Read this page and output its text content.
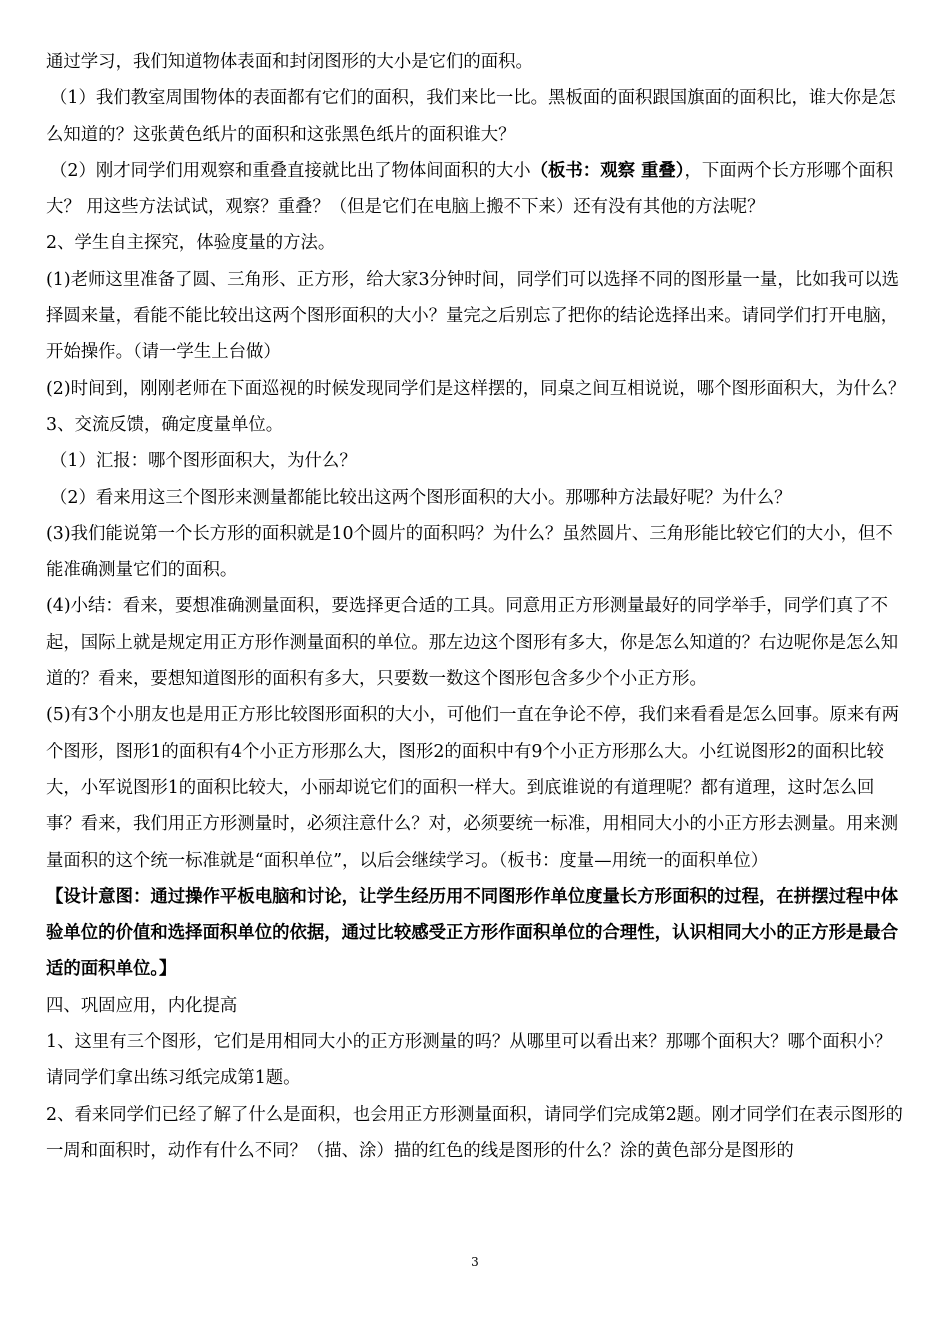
通过学习，我们知道物体表面和封闭图形的大小是它们的面积。

（1）我们教室周围物体的表面都有它们的面积，我们来比一比。黑板面的面积跟国旗面的面积比，谁大你是怎么知道的？这张黄色纸片的面积和这张黑色纸片的面积谁大？

（2）刚才同学们用观察和重叠直接就比出了物体间面积的大小（板书：观察 重叠），下面两个长方形哪个面积大？ 用这些方法试试，观察？重叠？（但是它们在电脑上搬不下来）还有没有其他的方法呢？

2、学生自主探究，体验度量的方法。

(1)老师这里准备了圆、三角形、正方形，给大家3分钟时间，同学们可以选择不同的图形量一量，比如我可以选择圆来量，看能不能比较出这两个图形面积的大小？量完之后别忘了把你的结论选择出来。请同学们打开电脑，开始操作。（请一学生上台做）

(2)时间到，刚刚老师在下面巡视的时候发现同学们是这样摆的，同桌之间互相说说，哪个图形面积大，为什么？

3、交流反馈，确定度量单位。

（1）汇报：哪个图形面积大，为什么？

（2）看来用这三个图形来测量都能比较出这两个图形面积的大小。那哪种方法最好呢？为什么？

(3)我们能说第一个长方形的面积就是10个圆片的面积吗？为什么？虽然圆片、三角形能比较它们的大小，但不能准确测量它们的面积。

(4)小结：看来，要想准确测量面积，要选择更合适的工具。同意用正方形测量最好的同学举手，同学们真了不起，国际上就是规定用正方形作测量面积的单位。那左边这个图形有多大，你是怎么知道的？右边呢你是怎么知道的？看来，要想知道图形的面积有多大，只要数一数这个图形包含多少个小正方形。

(5)有3个小朋友也是用正方形比较图形面积的大小，可他们一直在争论不停，我们来看看是怎么回事。原来有两个图形，图形1的面积有4个小正方形那么大，图形2的面积中有9个小正方形那么大。小红说图形2的面积比较大，小军说图形1的面积比较大，小丽却说它们的面积一样大。到底谁说的有道理呢？都有道理，这时怎么回事？看来，我们用正方形测量时，必须注意什么？对，必须要统一标准，用相同大小的小正方形去测量。用来测量面积的这个统一标准就是“面积单位”，以后会继续学习。（板书：度量—用统一的面积单位）

【设计意图：通过操作平板电脑和讨论，让学生经历用不同图形作单位度量长方形面积的过程，在拼摆过程中体验单位的价值和选择面积单位的依据，通过比较感受正方形作面积单位的合理性，认识相同大小的正方形是最合适的面积单位。】

四、巩固应用，内化提高

1、这里有三个图形，它们是用相同大小的正方形测量的吗？从哪里可以看出来？那哪个面积大？哪个面积小？请同学们拿出练习纸完成第1题。

2、看来同学们已经了解了什么是面积，也会用正方形测量面积，请同学们完成第2题。刚才同学们在表示图形的一周和面积时，动作有什么不同？（描、涂）描的红色的线是图形的什么？涂的黄色部分是图形的

3
